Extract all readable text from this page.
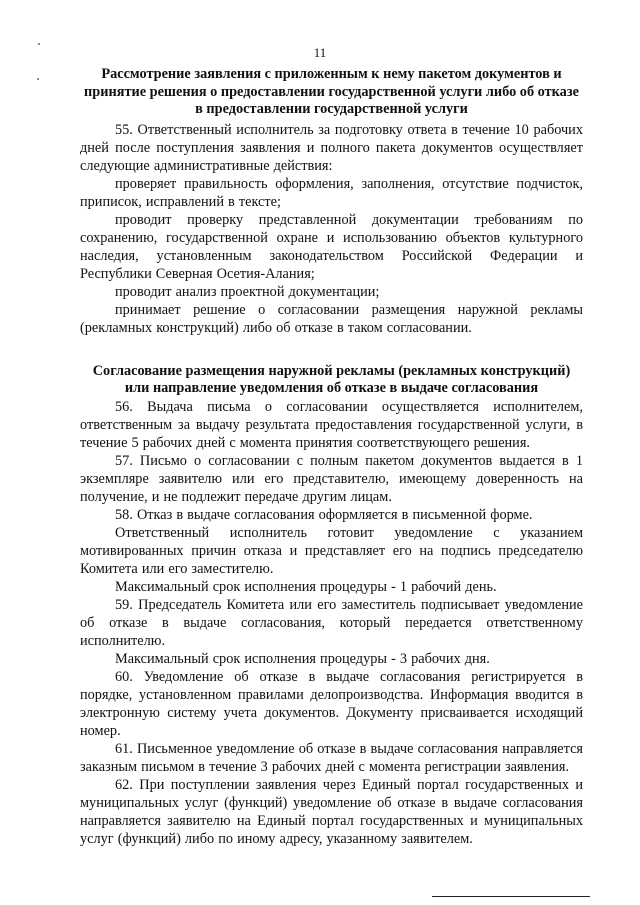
11
Рассмотрение заявления с приложенным к нему пакетом документов и принятие решения о предоставлении государственной услуги либо об отказе в предоставлении государственной услуги

55. Ответственный исполнитель за подготовку ответа в течение 10 рабочих дней после поступления заявления и полного пакета документов осуществляет следующие административные действия:

проверяет правильность оформления, заполнения, отсутствие подчисток, приписок, исправлений в тексте;

проводит проверку представленной документации требованиям по сохранению, государственной охране и использованию объектов культурного наследия, установленным законодательством Российской Федерации и Республики Северная Осетия-Алания;

проводит анализ проектной документации;

принимает решение о согласовании размещения наружной рекламы (рекламных конструкций) либо об отказе в таком согласовании.

Согласование размещения наружной рекламы (рекламных конструкций) или направление уведомления об отказе в выдаче согласования

56. Выдача письма о согласовании осуществляется исполнителем, ответственным за выдачу результата предоставления государственной услуги, в течение 5 рабочих дней с момента принятия соответствующего решения.

57. Письмо о согласовании с полным пакетом документов выдается в 1 экземпляре заявителю или его представителю, имеющему доверенность на получение, и не подлежит передаче другим лицам.

58. Отказ в выдаче согласования оформляется в письменной форме.

Ответственный исполнитель готовит уведомление с указанием мотивированных причин отказа и представляет его на подпись председателю Комитета или его заместителю.

Максимальный срок исполнения процедуры - 1 рабочий день.

59. Председатель Комитета или его заместитель подписывает уведомление об отказе в выдаче согласования, который передается ответственному исполнителю.

Максимальный срок исполнения процедуры - 3 рабочих дня.

60. Уведомление об отказе в выдаче согласования регистрируется в порядке, установленном правилами делопроизводства. Информация вводится в электронную систему учета документов. Документу присваивается исходящий номер.

61. Письменное уведомление об отказе в выдаче согласования направляется заказным письмом в течение 3 рабочих дней с момента регистрации заявления.

62. При поступлении заявления через Единый портал государственных и муниципальных услуг (функций) уведомление об отказе в выдаче согласования направляется заявителю на Единый портал государственных и муниципальных услуг (функций) либо по иному адресу, указанному заявителем.
